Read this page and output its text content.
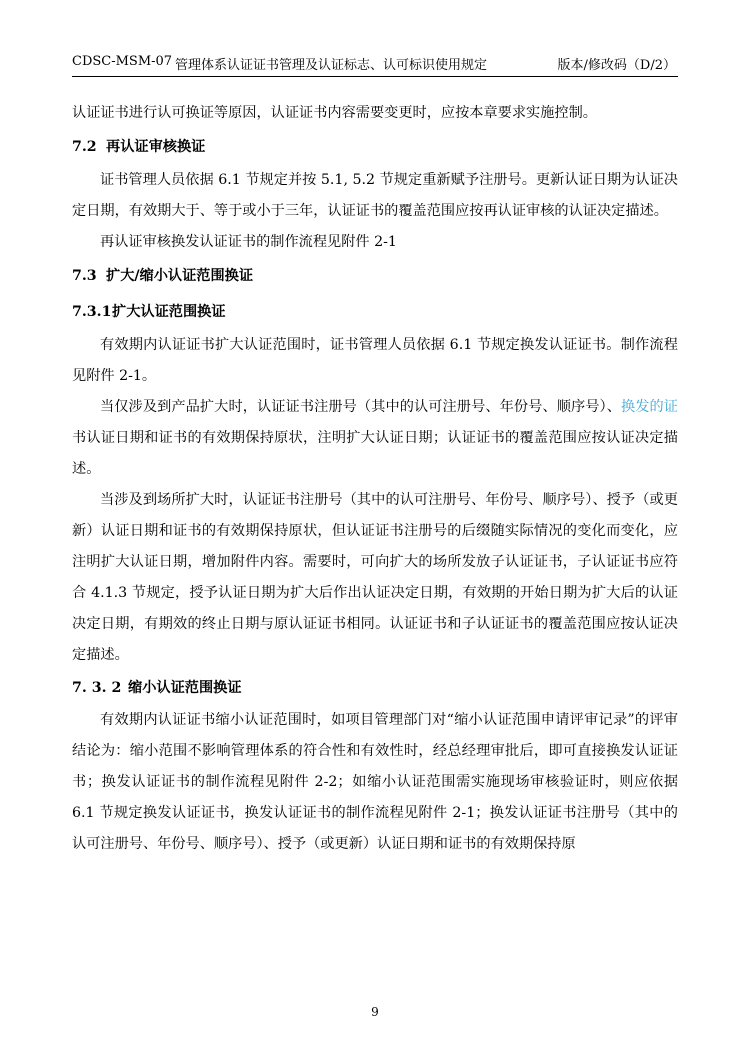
CDSC-MSM-07 管理体系认证证书管理及认证标志、认可标识使用规定	版本/修改码（D/2）

认证证书进行认可换证等原因，认证证书内容需要变更时，应按本章要求实施控制。

7.2 再认证审核换证

证书管理人员依据 6.1 节规定并按 5.1, 5.2 节规定重新赋予注册号。更新认证日期为认证决定日期，有效期大于、等于或小于三年，认证证书的覆盖范围应按再认证审核的认证决定描述。

再认证审核换发认证证书的制作流程见附件 2-1

7.3 扩大/缩小认证范围换证

7.3.1扩大认证范围换证

有效期内认证证书扩大认证范围时，证书管理人员依据 6.1 节规定换发认证证书。制作流程见附件 2-1。

当仅涉及到产品扩大时，认证证书注册号（其中的认可注册号、年份号、顺序号）、换发的证书认证日期和证书的有效期保持原状，注明扩大认证日期；认证证书的覆盖范围应按认证决定描述。

当涉及到场所扩大时，认证证书注册号（其中的认可注册号、年份号、顺序号）、授予（或更新）认证日期和证书的有效期保持原状，但认证证书注册号的后缀随实际情况的变化而变化，应注明扩大认证日期，增加附件内容。需要时，可向扩大的场所发放子认证证书，子认证证书应符合 4.1.3 节规定，授予认证日期为扩大后作出认证决定日期，有效期的开始日期为扩大后的认证决定日期，有期效的终止日期与原认证证书相同。认证证书和子认证证书的覆盖范围应按认证决定描述。

7. 3. 2 缩小认证范围换证

有效期内认证证书缩小认证范围时，如项目管理部门对“缩小认证范围申请评审记录”的评审结论为：缩小范围不影响管理体系的符合性和有效性时，经总经理审批后，即可直接换发认证证书；换发认证证书的制作流程见附件 2-2；如缩小认证范围需实施现场审核验证时，则应依据 6.1 节规定换发认证证书，换发认证证书的制作流程见附件 2-1；换发认证证书注册号（其中的认可注册号、年份号、顺序号）、授予（或更新）认证日期和证书的有效期保持原

9
